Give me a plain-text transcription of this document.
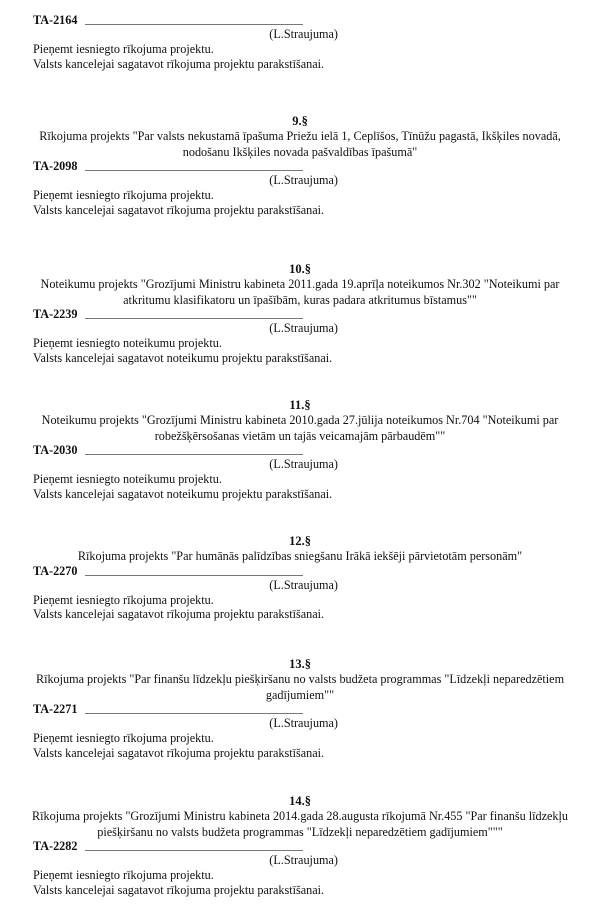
TA-2164
(L.Straujuma)
Pieņemt iesniegto rīkojuma projektu.
Valsts kancelejai sagatavot rīkojuma projektu parakstīšanai.
9.§
Rīkojuma projekts "Par valsts nekustamā īpašuma Priežu ielā 1, Ceplīšos, Tīnūžu pagastā, Ikšķiles novadā,
nodošanu Ikšķiles novada pašvaldības īpašumā"
TA-2098
(L.Straujuma)
Pieņemt iesniegto rīkojuma projektu.
Valsts kancelejai sagatavot rīkojuma projektu parakstīšanai.
10.§
Noteikumu projekts "Grozījumi Ministru kabineta 2011.gada 19.aprīļa noteikumos Nr.302 "Noteikumi par
atkritumu klasifikatoru un īpašībām, kuras padara atkritumus bīstamus""
TA-2239
(L.Straujuma)
Pieņemt iesniegto noteikumu projektu.
Valsts kancelejai sagatavot noteikumu projektu parakstīšanai.
11.§
Noteikumu projekts "Grozījumi Ministru kabineta 2010.gada 27.jūlija noteikumos Nr.704 "Noteikumi par
robežšķērsošanas vietām un tajās veicamajām pārbaudēm""
TA-2030
(L.Straujuma)
Pieņemt iesniegto noteikumu projektu.
Valsts kancelejai sagatavot noteikumu projektu parakstīšanai.
12.§
Rīkojuma projekts "Par humānās palīdzības sniegšanu Irākā iekšēji pārvietotām personām"
TA-2270
(L.Straujuma)
Pieņemt iesniegto rīkojuma projektu.
Valsts kancelejai sagatavot rīkojuma projektu parakstīšanai.
13.§
Rīkojuma projekts "Par finanšu līdzekļu piešķiršanu no valsts budžeta programmas "Līdzekļi neparedzētiem
gadījumiem""
TA-2271
(L.Straujuma)
Pieņemt iesniegto rīkojuma projektu.
Valsts kancelejai sagatavot rīkojuma projektu parakstīšanai.
14.§
Rīkojuma projekts "Grozījumi Ministru kabineta 2014.gada 28.augusta rīkojumā Nr.455 "Par finanšu līdzekļu
piešķiršanu no valsts budžeta programmas "Līdzekļi neparedzētiem gadījumiem"""
TA-2282
(L.Straujuma)
Pieņemt iesniegto rīkojuma projektu.
Valsts kancelejai sagatavot rīkojuma projektu parakstīšanai.
